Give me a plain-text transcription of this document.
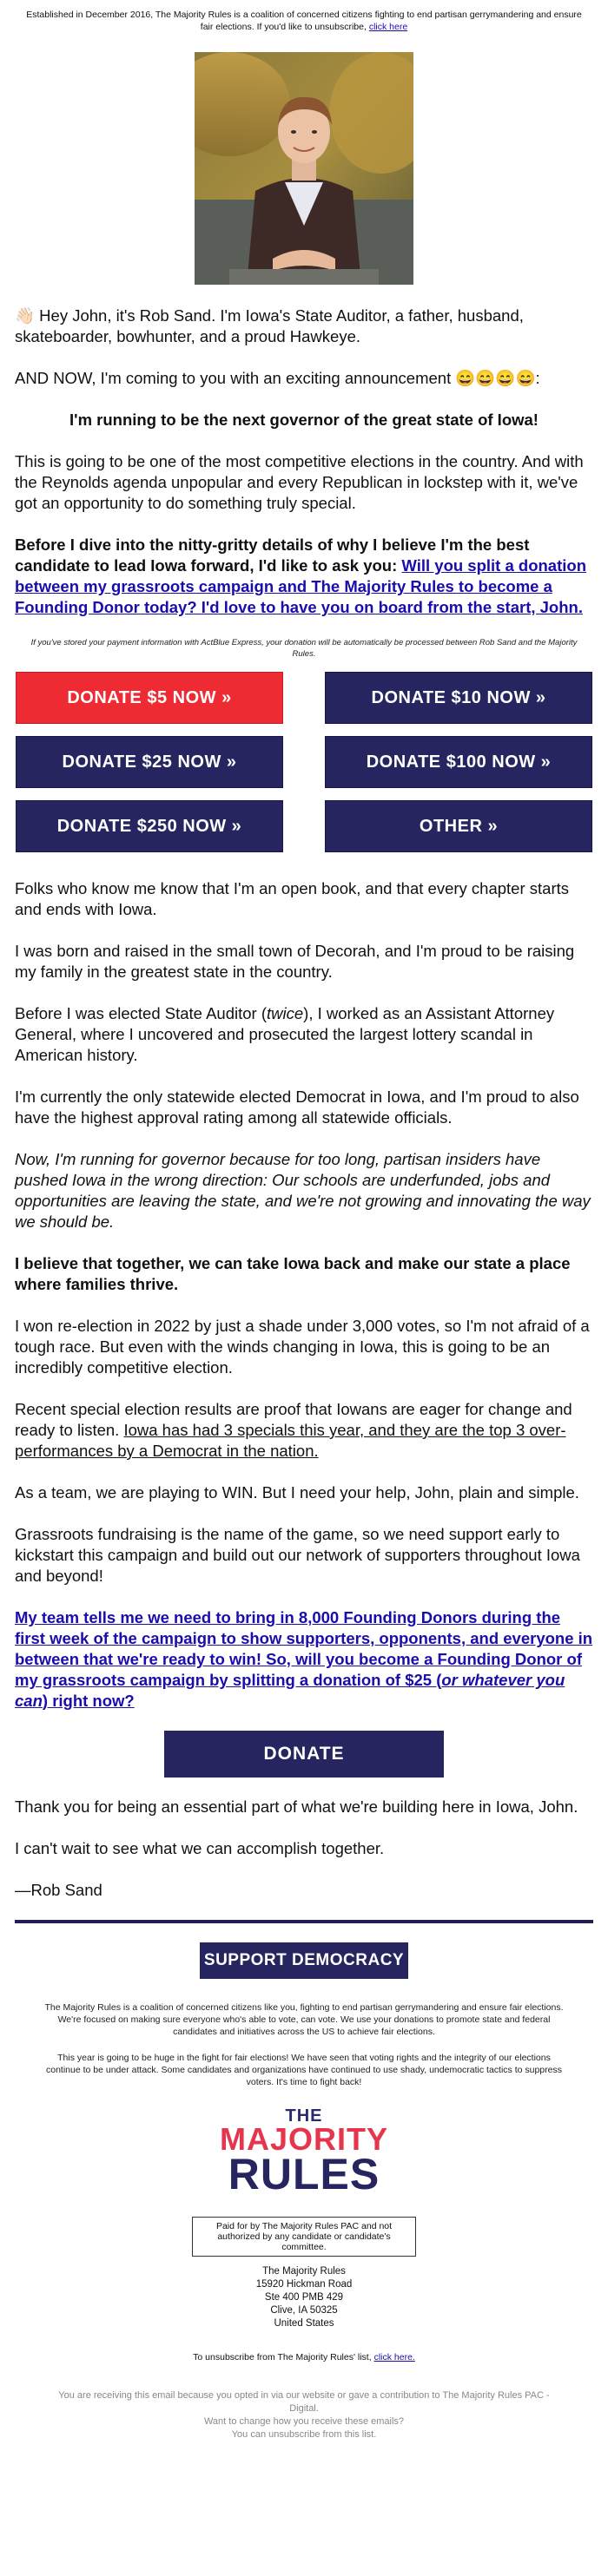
Established in December 2016, The Majority Rules is a coalition of concerned citizens fighting to end partisan gerrymandering and ensure fair elections. If you'd like to unsubscribe, click here

👋🏻 Hey John, it's Rob Sand. I'm Iowa's State Auditor, a father, husband, skateboarder, bowhunter, and a proud Hawkeye.

AND NOW, I'm coming to you with an exciting announcement 😄😄😄😄:

I'm running to be the next governor of the great state of Iowa!

This is going to be one of the most competitive elections in the country. And with the Reynolds agenda unpopular and every Republican in lockstep with it, we've got an opportunity to do something truly special.

Before I dive into the nitty-gritty details of why I believe I'm the best candidate to lead Iowa forward, I'd like to ask you: Will you split a donation between my grassroots campaign and The Majority Rules to become a Founding Donor today? I'd love to have you on board from the start, John.

If you've stored your payment information with ActBlue Express, your donation will be automatically be processed between Rob Sand and the Majority Rules.
DONATE $5 NOW »	DONATE $10 NOW »
DONATE $25 NOW »	DONATE $100 NOW »
DONATE $250 NOW »	OTHER »

Folks who know me know that I'm an open book, and that every chapter starts and ends with Iowa.

I was born and raised in the small town of Decorah, and I'm proud to be raising my family in the greatest state in the country.

Before I was elected State Auditor (twice), I worked as an Assistant Attorney General, where I uncovered and prosecuted the largest lottery scandal in American history.

I'm currently the only statewide elected Democrat in Iowa, and I'm proud to also have the highest approval rating among all statewide officials.

Now, I'm running for governor because for too long, partisan insiders have pushed Iowa in the wrong direction: Our schools are underfunded, jobs and opportunities are leaving the state, and we're not growing and innovating the way we should be.

I believe that together, we can take Iowa back and make our state a place where families thrive.

I won re-election in 2022 by just a shade under 3,000 votes, so I'm not afraid of a tough race. But even with the winds changing in Iowa, this is going to be an incredibly competitive election.

Recent special election results are proof that Iowans are eager for change and ready to listen. Iowa has had 3 specials this year, and they are the top 3 over-performances by a Democrat in the nation.

As a team, we are playing to WIN. But I need your help, John, plain and simple.

Grassroots fundraising is the name of the game, so we need support early to kickstart this campaign and build out our network of supporters throughout Iowa and beyond!

My team tells me we need to bring in 8,000 Founding Donors during the first week of the campaign to show supporters, opponents, and everyone in between that we're ready to win! So, will you become a Founding Donor of my grassroots campaign by splitting a donation of $25 (or whatever you can) right now?

DONATE

Thank you for being an essential part of what we're building here in Iowa, John.

I can't wait to see what we can accomplish together.

—Rob Sand

SUPPORT DEMOCRACY
The Majority Rules is a coalition of concerned citizens like you, fighting to end partisan gerrymandering and ensure fair elections. We're focused on making sure everyone who's able to vote, can vote. We use your donations to promote state and federal candidates and initiatives across the US to achieve fair elections.
This year is going to be huge in the fight for fair elections! We have seen that voting rights and the integrity of our elections continue to be under attack. Some candidates and organizations have continued to use shady, undemocratic tactics to suppress voters. It's time to fight back!
THE
MAJORITY
RULES
Paid for by The Majority Rules PAC and not authorized by any candidate or candidate's committee.
The Majority Rules
15920 Hickman Road
Ste 400 PMB 429
Clive, IA 50325
United States
To unsubscribe from The Majority Rules' list, click here.
You are receiving this email because you opted in via our website or gave a contribution to The Majority Rules PAC - Digital.
Want to change how you receive these emails?
You can unsubscribe from this list.
